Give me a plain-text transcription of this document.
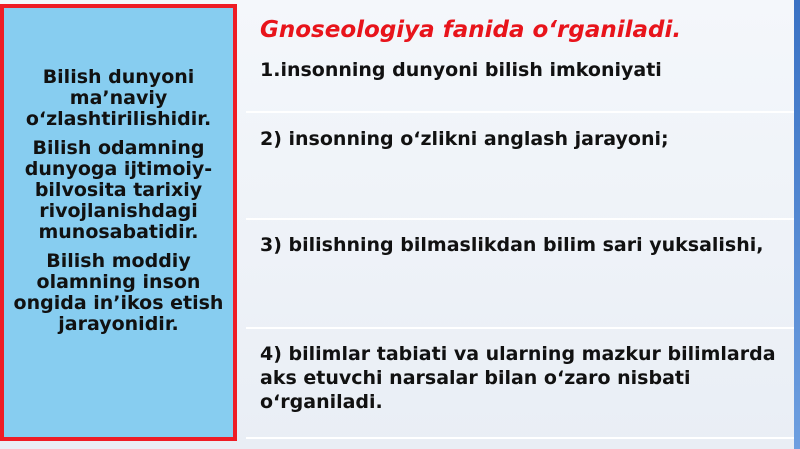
Bilish dunyoni ma’naviy o‘zlashtirilishidir.

Bilish odamning dunyoga ijtimoiy-bilvosita tarixiy rivojlanishdagi munosabatidir.

Bilish moddiy olamning inson ongida in’ikos etish jarayonidir.

Gnoseologiya fanida o‘rganiladi.
1.insonning dunyoni bilish imkoniyati
2) insonning o‘zlikni anglash jarayoni;
3) bilishning bilmaslikdan bilim sari yuksalishi,
4) bilimlar tabiati va ularning mazkur bilimlarda aks etuvchi narsalar bilan o‘zaro nisbati o‘rganiladi.
